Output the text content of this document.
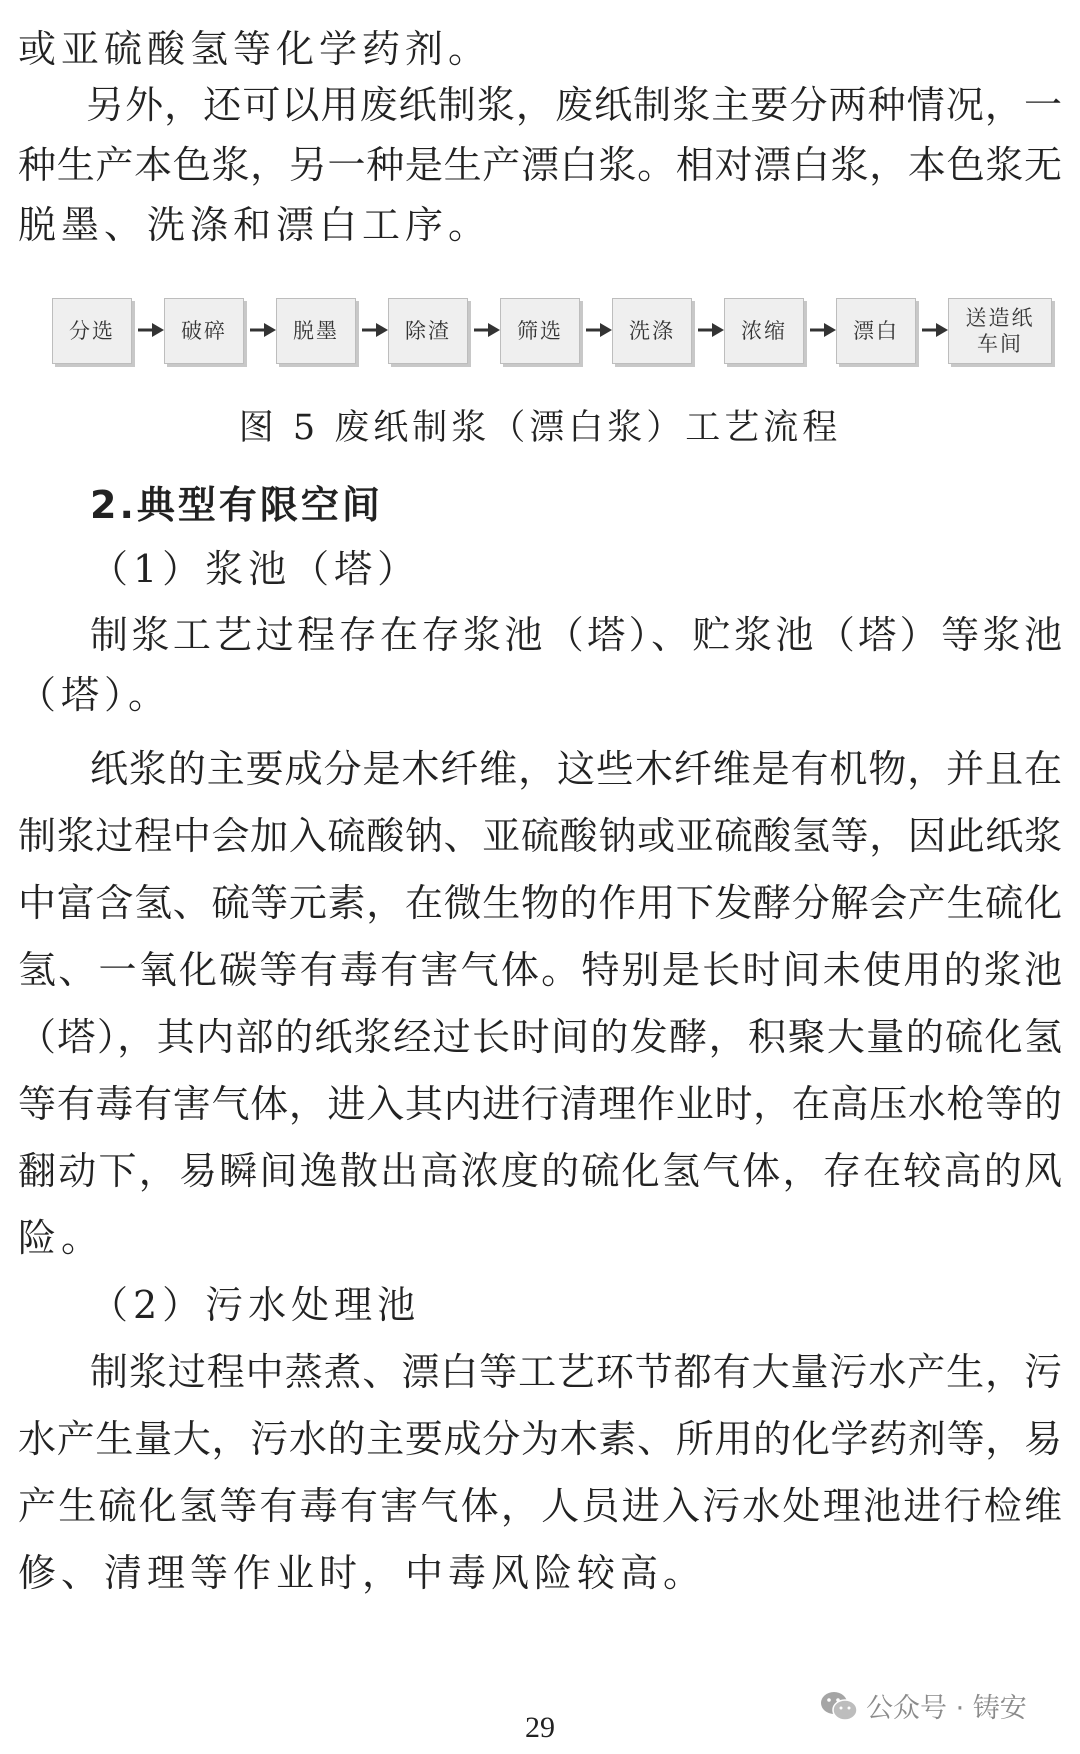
或亚硫酸氢等化学药剂。
另外，还可以用废纸制浆，废纸制浆主要分两种情况，一
种生产本色浆，另一种是生产漂白浆。相对漂白浆，本色浆无
脱墨、洗涤和漂白工序。
分选	破碎	脱墨	除渣	筛选	洗涤	浓缩	漂白
送造纸
车间
图 5 废纸制浆（漂白浆）工艺流程
2.典型有限空间
（1）浆池（塔）
制浆工艺过程存在存浆池（塔）、贮浆池（塔）等浆池
（塔）。
纸浆的主要成分是木纤维，这些木纤维是有机物，并且在
制浆过程中会加入硫酸钠、亚硫酸钠或亚硫酸氢等，因此纸浆
中富含氢、硫等元素，在微生物的作用下发酵分解会产生硫化
氢、一氧化碳等有毒有害气体。特别是长时间未使用的浆池
（塔），其内部的纸浆经过长时间的发酵，积聚大量的硫化氢
等有毒有害气体，进入其内进行清理作业时，在高压水枪等的
翻动下，易瞬间逸散出高浓度的硫化氢气体，存在较高的风
险。
（2）污水处理池
制浆过程中蒸煮、漂白等工艺环节都有大量污水产生，污
水产生量大，污水的主要成分为木素、所用的化学药剂等，易
产生硫化氢等有毒有害气体，人员进入污水处理池进行检维
修、清理等作业时，中毒风险较高。
29
公众号 · 铸安
